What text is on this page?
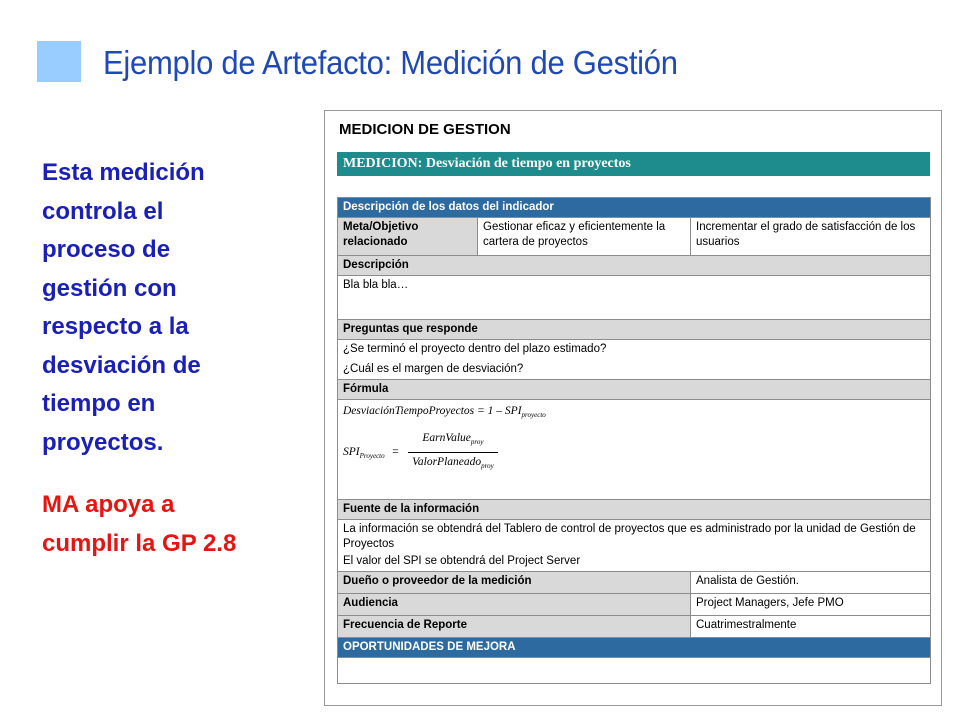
Ejemplo de Artefacto: Medición de Gestión

Esta medición

controla el

proceso de

gestión con

respecto a la

desviación de

tiempo en

proyectos.

MA apoya a

cumplir la GP 2.8

MEDICION DE GESTION
MEDICION: Desviación de tiempo en proyectos
Descripción de los datos del indicador		
Meta/Objetivo relacionado	Gestionar eficaz y eficientemente la cartera de proyectos	Incrementar el grado de satisfacción de los usuarios
Descripción		
Bla bla bla…		
Preguntas que responde		

¿Se terminó el proyecto dentro del plazo estimado?
¿Cuál es el margen de desviación?		

Fórmula		

DesviaciónTiempoProyectos = $1 - SPI_{proyecto}$
$SPI_{Proyecto} = \frac{EarnValue_{proy}}{ValorPlaneado_{proy}}$

Fuente de la información		

La información se obtendrá del Tablero de control de proyectos que es administrado por la unidad de Gestión de Proyectos
El valor del SPI se obtendrá del Project Server		

Dueño o proveedor de la medición		Analista de Gestión.
Audiencia		Project Managers, Jefe PMO
Frecuencia de Reporte		Cuatrimestralmente
OPORTUNIDADES DE MEJORA		
